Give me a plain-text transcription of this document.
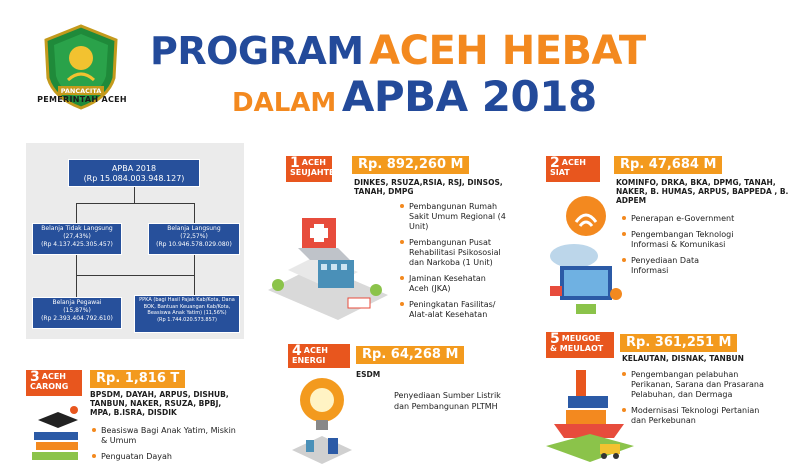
PANCACITA
PEMERINTAH ACEH
PROGRAM ACEH HEBAT
DALAM APBA 2018
APBA 2018
(Rp 15.084.003.948.127)
Belanja Tidak Langsung
(27,43%)
(Rp 4.137.425.305.457)
Belanja Langsung
(72,57%)
(Rp 10.946.578.029.080)
Belanja Pegawai
(15,87%)
(Rp 2.393.404.792.610)
PPKA (bagi Hasil Pajak Kab/Kota, Dana BOK, Bantuan Keuangan Kab/Kota, Beasiswa Anak Yatim) (11,56%)
(Rp 1.744.020.573.857)
1 ACEH SEUJAHTERA
Rp. 892,260 M
DINKES, RSUZA,RSIA, RSJ, DINSOS, TANAH, DMPG
Pembangunan Rumah Sakit Umum Regional (4 Unit)
Pembangunan Pusat Rehabilitasi Psikososial dan Narkoba (1 Unit)
Jaminan Kesehatan Aceh (JKA)
Peningkatan Fasilitas/ Alat-alat Kesehatan
2 ACEH SIAT
Rp. 47,684 M
KOMINFO, DRKA, BKA, DPMG, TANAH, NAKER, B. HUMAS, ARPUS, BAPPEDA , B. ADPEM
Penerapan e-Government
Pengembangan Teknologi Informasi & Komunikasi
Penyediaan Data Informasi
3 ACEH CARONG
Rp. 1,816 T
BPSDM, DAYAH, ARPUS, DISHUB, TANBUN, NAKER, RSUZA, BPBJ, MPA, B.ISRA, DISDIK
Beasiswa Bagi Anak Yatim, Miskin & Umum
Penguatan Dayah
4 ACEH ENERGI	Rp. 64,268 M
ESDM
Penyediaan Sumber Listrik dan Pembangunan PLTMH
5 MEUGOE & MEULAOT	Rp. 361,251 M
KELAUTAN, DISNAK, TANBUN
Pengembangan pelabuhan Perikanan, Sarana dan Prasarana Pelabuhan, dan Dermaga
Modernisasi Teknologi Pertanian dan Perkebunan
